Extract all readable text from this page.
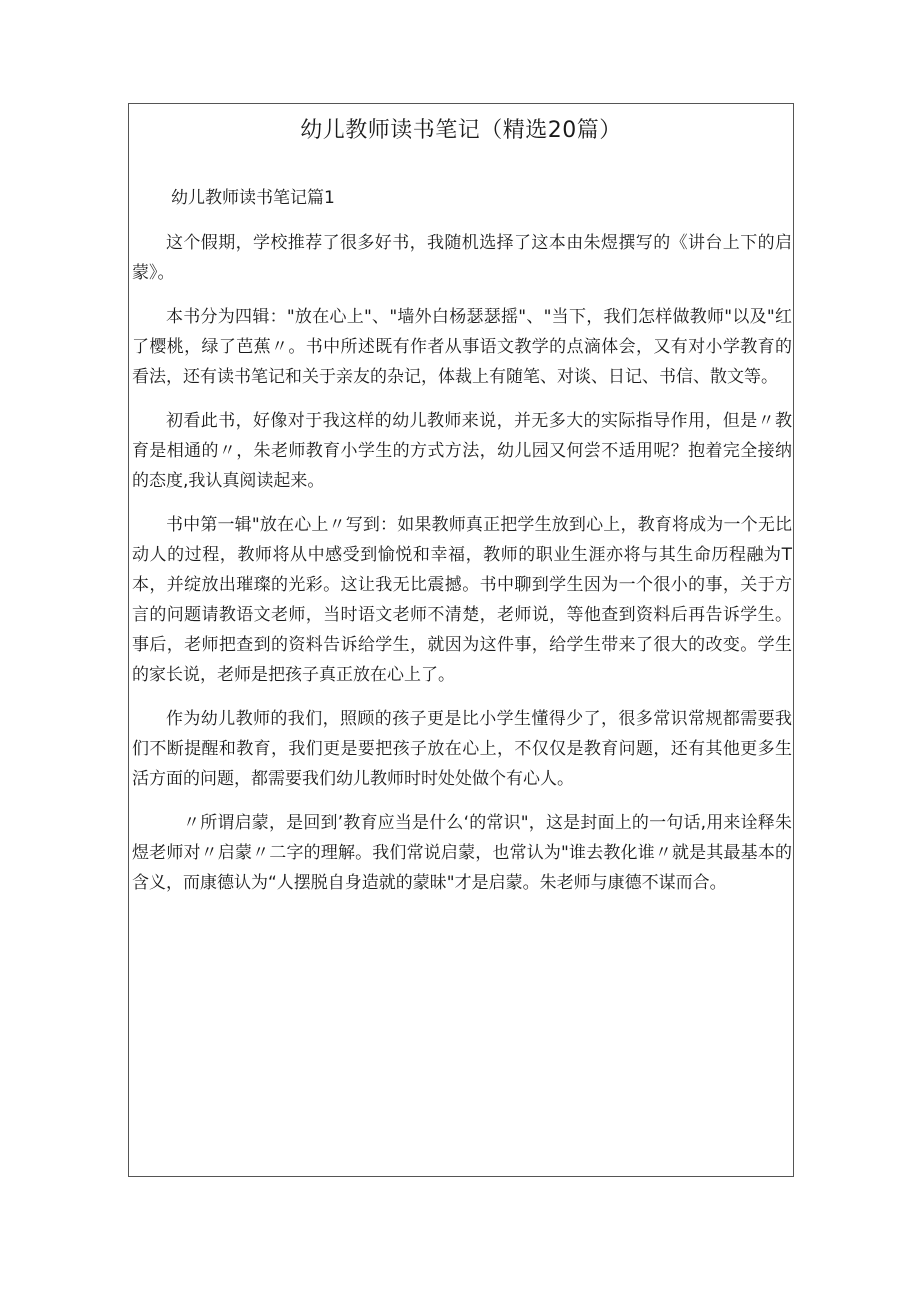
幼儿教师读书笔记（精选20篇）
幼儿教师读书笔记篇1

这个假期，学校推荐了很多好书，我随机选择了这本由朱煜撰写的《讲台上下的启蒙》。

本书分为四辑："放在心上"、"墙外白杨瑟瑟摇"、"当下，我们怎样做教师"以及"红了樱桃，绿了芭蕉〃。书中所述既有作者从事语文教学的点滴体会，又有对小学教育的看法，还有读书笔记和关于亲友的杂记，体裁上有随笔、对谈、日记、书信、散文等。

初看此书，好像对于我这样的幼儿教师来说，并无多大的实际指导作用，但是〃教育是相通的〃，朱老师教育小学生的方式方法，幼儿园又何尝不适用呢？抱着完全接纳的态度,我认真阅读起来。

书中第一辑"放在心上〃写到：如果教师真正把学生放到心上，教育将成为一个无比动人的过程，教师将从中感受到愉悦和幸福，教师的职业生涯亦将与其生命历程融为T本，并绽放出璀璨的光彩。这让我无比震撼。书中聊到学生因为一个很小的事，关于方言的问题请教语文老师，当时语文老师不清楚，老师说，等他查到资料后再告诉学生。事后，老师把查到的资料告诉给学生，就因为这件事，给学生带来了很大的改变。学生的家长说，老师是把孩子真正放在心上了。

作为幼儿教师的我们，照顾的孩子更是比小学生懂得少了，很多常识常规都需要我们不断提醒和教育，我们更是要把孩子放在心上，不仅仅是教育问题，还有其他更多生活方面的问题，都需要我们幼儿教师时时处处做个有心人。

〃所谓启蒙，是回到’教育应当是什么‘的常识"，这是封面上的一句话,用来诠释朱煜老师对〃启蒙〃二字的理解。我们常说启蒙，也常认为"谁去教化谁〃就是其最基本的含义，而康德认为“人摆脱自身造就的蒙昧"才是启蒙。朱老师与康德不谋而合。
